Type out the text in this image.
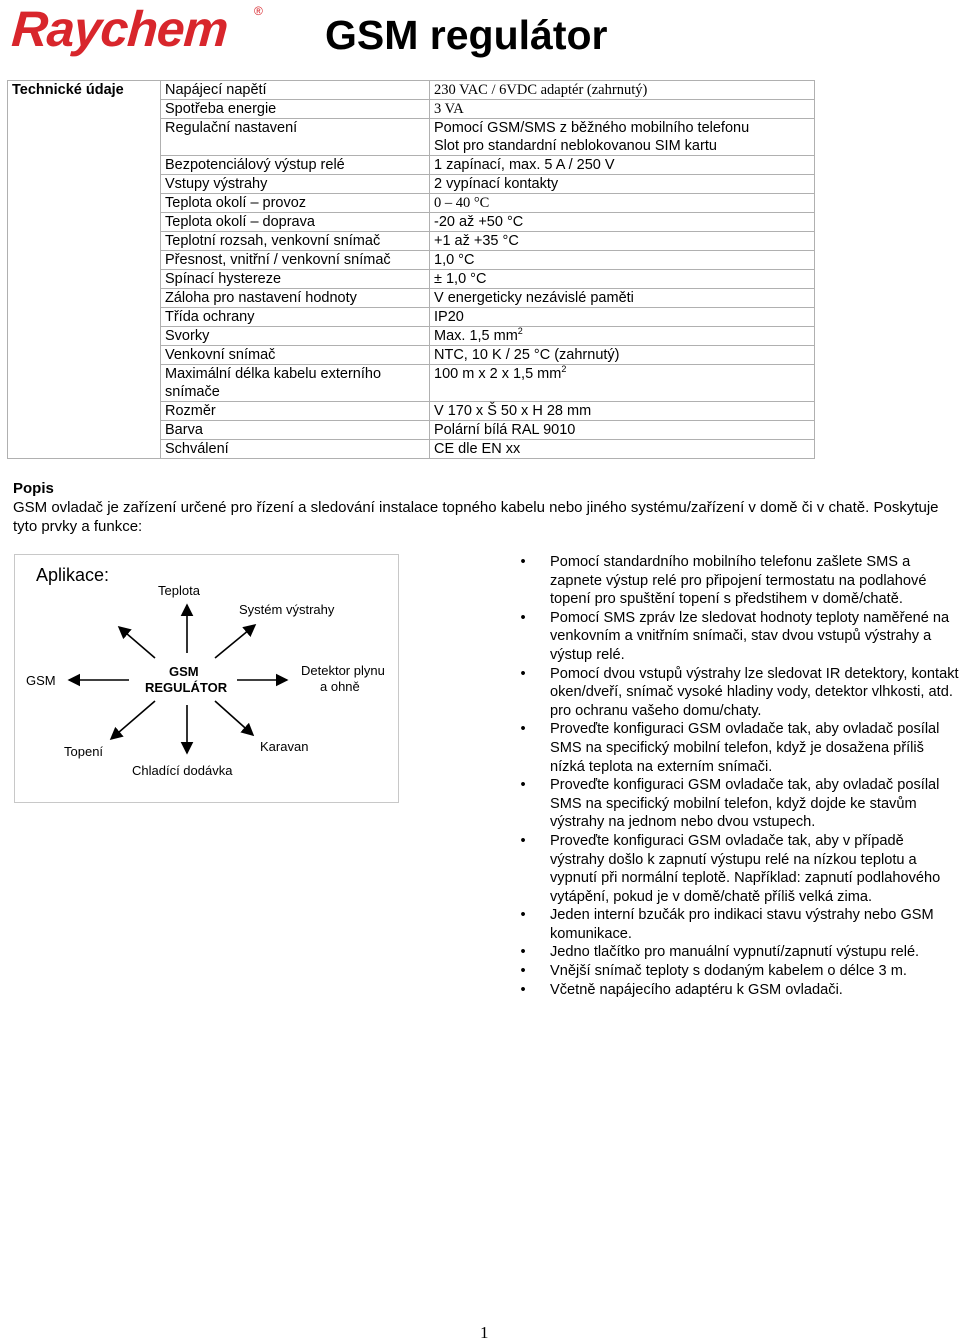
Raychem ®
GSM regulátor
Technické údaje	Napájecí napětí	230 VAC / 6VDC adaptér (zahrnutý)

	Spotřeba energie	3 VA

	Regulační nastavení	Pomocí GSM/SMS z běžného mobilního telefonu
Slot pro standardní neblokovanou SIM kartu

	Bezpotenciálový výstup relé	1 zapínací, max. 5 A / 250 V

	Vstupy výstrahy	2 vypínací kontakty

	Teplota okolí – provoz	0 – 40 °C

	Teplota okolí – doprava	-20 až +50 °C

	Teplotní rozsah, venkovní snímač	+1 až +35 °C

	Přesnost, vnitřní / venkovní snímač	1,0 °C

	Spínací hystereze	± 1,0 °C

	Záloha pro nastavení hodnoty	V energeticky nezávislé paměti

	Třída ochrany	IP20

	Svorky	Max. 1,5 $mm^2$

	Venkovní snímač	NTC, 10 K / 25 °C (zahrnutý)

	Maximální délka kabelu externího snímače	100 m x 2 x 1,5 $mm^2$

	Rozměr	V 170 x Š 50 x H 28 mm

	Barva	Polární bílá RAL 9010

	Schválení	CE dle EN xx
Popis
GSM ovladač je zařízení určené pro řízení a sledování instalace topného kabelu nebo jiného systému/zařízení v domě či v chatě. Poskytuje tyto prvky a funkce:
Aplikace:
Teplota
Systém výstrahy
GSM
GSM
REGULÁTOR
Detektor plynu
a ohně
Topení	Karavan
Chladící dodávka
• Pomocí standardního mobilního telefonu zašlete SMS a zapnete výstup relé pro připojení termostatu na podlahové topení pro spuštění topení s předstihem v domě/chatě.
• Pomocí SMS zpráv lze sledovat hodnoty teploty naměřené na venkovním a vnitřním snímači, stav dvou vstupů výstrahy a výstup relé.
• Pomocí dvou vstupů výstrahy lze sledovat IR detektory, kontakt oken/dveří, snímač vysoké hladiny vody, detektor vlhkosti, atd. pro ochranu vašeho domu/chaty.
• Proveďte konfiguraci GSM ovladače tak, aby ovladač posílal SMS na specifický mobilní telefon, když je dosažena příliš nízká teplota na externím snímači.
• Proveďte konfiguraci GSM ovladače tak, aby ovladač posílal SMS na specifický mobilní telefon, když dojde ke stavům výstrahy na jednom nebo dvou vstupech.
• Proveďte konfiguraci GSM ovladače tak, aby v případě výstrahy došlo k zapnutí výstupu relé na nízkou teplotu a vypnutí při normální teplotě. Například: zapnutí podlahového vytápění, pokud je v domě/chatě příliš velká zima.
• Jeden interní bzučák pro indikaci stavu výstrahy nebo GSM komunikace.
• Jedno tlačítko pro manuální vypnutí/zapnutí výstupu relé.
• Vnější snímač teploty s dodaným kabelem o délce 3 m.
• Včetně napájecího adaptéru k GSM ovladači.
1
